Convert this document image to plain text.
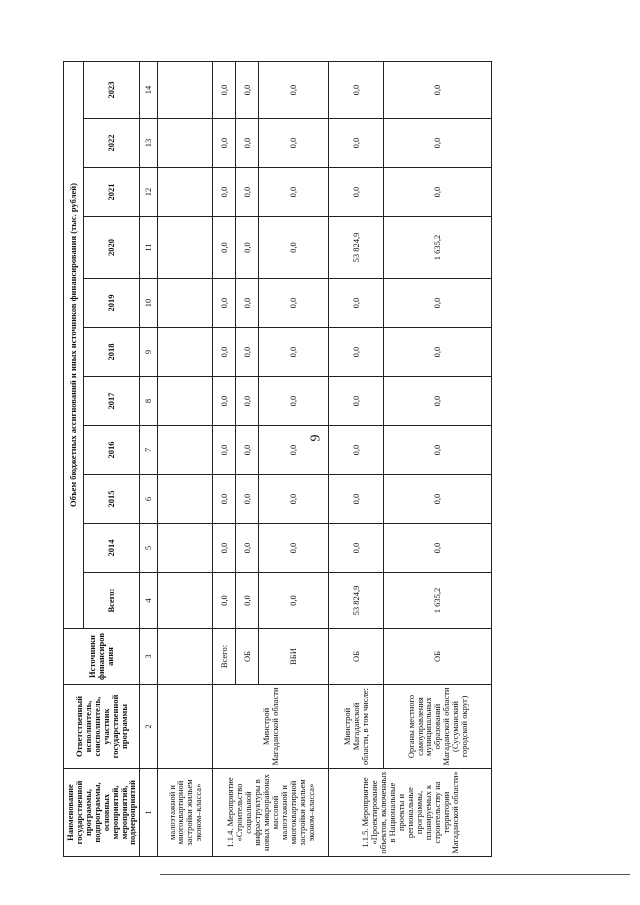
9
Наименование государственной программы, подпрограммы, основных мероприятий, мероприятий, подмероприятий	Ответственный исполнитель, соисполнитель, участник государственной программы	Источники финансирования	Объем бюджетных ассигнований и иных источников финансирования (тыс. рублей)										
			Всего:	2014	2015	2016	2017	2018	2019	2020	2021	2022	2023
1	2	3	4	5	6	7	8	9	10	11	12	13	14
малоэтажной и многоквартирной застройки жильем эконом–класса»													
1.1.4. Мероприятие «Строительство социальной инфраструктуры в новых микрорайонах массовой малоэтажной и многоквартирной застройки жильем эконом–класса»	Минстрой Магаданской области	Всего:	0,0	0,0	0,0	0,0	0,0	0,0	0,0	0,0	0,0	0,0	0,0
		ОБ	0,0	0,0	0,0	0,0	0,0	0,0	0,0	0,0	0,0	0,0	0,0
		ВБИ	0,0	0,0	0,0	0,0	0,0	0,0	0,0	0,0	0,0	0,0	0,0
1.1.5. Мероприятие «Проектирование объектов, включенных в Национальные проекты и региональные программы, планируемых к строительству на территории Магаданской области»	Минстрой Магаданской области, в том числе:	ОБ	53 824,9	0,0	0,0	0,0	0,0	0,0	0,0	53 824,9	0,0	0,0	0,0
	Органы местного самоуправления муниципальных образований Магаданской области (Сусуманский городской округ)	ОБ	1 635,2	0,0	0,0	0,0	0,0	0,0	0,0	1 635,2	0,0	0,0	0,0
